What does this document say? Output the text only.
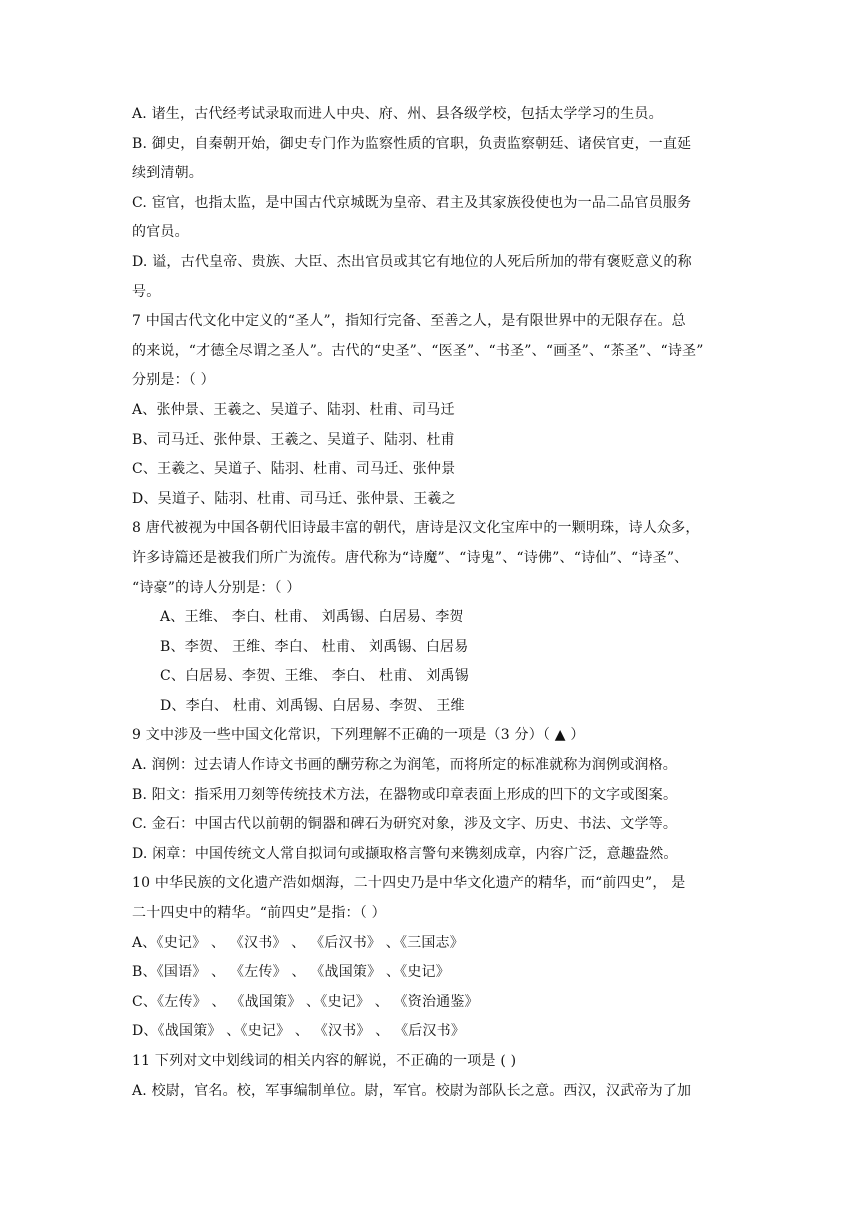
A. 诸生，古代经考试录取而进人中央、府、州、县各级学校，包括太学学习的生员。
B. 御史，自秦朝开始，御史专门作为监察性质的官职，负责监察朝廷、诸侯官吏，一直延
续到清朝。
C. 宦官，也指太监，是中国古代京城既为皇帝、君主及其家族役使也为一品二品官员服务
的官员。
D. 谥，古代皇帝、贵族、大臣、杰出官员或其它有地位的人死后所加的带有褒贬意义的称
号。
7 中国古代文化中定义的“圣人”，指知行完备、至善之人，是有限世界中的无限存在。总
的来说，“才德全尽谓之圣人”。古代的“史圣”、“医圣”、“书圣”、“画圣”、“茶圣”、“诗圣”
分别是：（ ）
A、张仲景、王羲之、吴道子、陆羽、杜甫、司马迁
B、司马迁、张仲景、王羲之、吴道子、陆羽、杜甫
C、王羲之、吴道子、陆羽、杜甫、司马迁、张仲景
D、吴道子、陆羽、杜甫、司马迁、张仲景、王羲之
8 唐代被视为中国各朝代旧诗最丰富的朝代，唐诗是汉文化宝库中的一颗明珠，诗人众多，
许多诗篇还是被我们所广为流传。唐代称为“诗魔”、“诗鬼”、“诗佛”、“诗仙”、“诗圣”、
“诗豪”的诗人分别是：（ ）
A、王维、 李白、杜甫、 刘禹锡、白居易、李贺
B、李贺、 王维、李白、 杜甫、 刘禹锡、白居易
C、白居易、李贺、王维、 李白、 杜甫、 刘禹锡
D、李白、 杜甫、刘禹锡、白居易、李贺、 王维
9 文中涉及一些中国文化常识，下列理解不正确的一项是（3 分）（ ▲ ）
A. 润例：过去请人作诗文书画的酬劳称之为润笔，而将所定的标准就称为润例或润格。
B. 阳文：指采用刀刻等传统技术方法，在器物或印章表面上形成的凹下的文字或图案。
C. 金石：中国古代以前朝的铜器和碑石为研究对象，涉及文字、历史、书法、文学等。
D. 闲章：中国传统文人常自拟词句或撷取格言警句来镌刻成章，内容广泛，意趣盎然。
10 中华民族的文化遗产浩如烟海，二十四史乃是中华文化遗产的精华，而“前四史”， 是
二十四史中的精华。“前四史”是指：（ ）
A、《史记》 、 《汉书》 、 《后汉书》 、《三国志》
B、《国语》 、 《左传》 、 《战国策》 、《史记》
C、《左传》 、 《战国策》 、《史记》 、 《资治通鉴》
D、《战国策》 、《史记》 、 《汉书》 、 《后汉书》
11 下列对文中划线词的相关内容的解说，不正确的一项是 ( )
A. 校尉，官名。校，军事编制单位。尉，军官。校尉为部队长之意。西汉，汉武帝为了加
